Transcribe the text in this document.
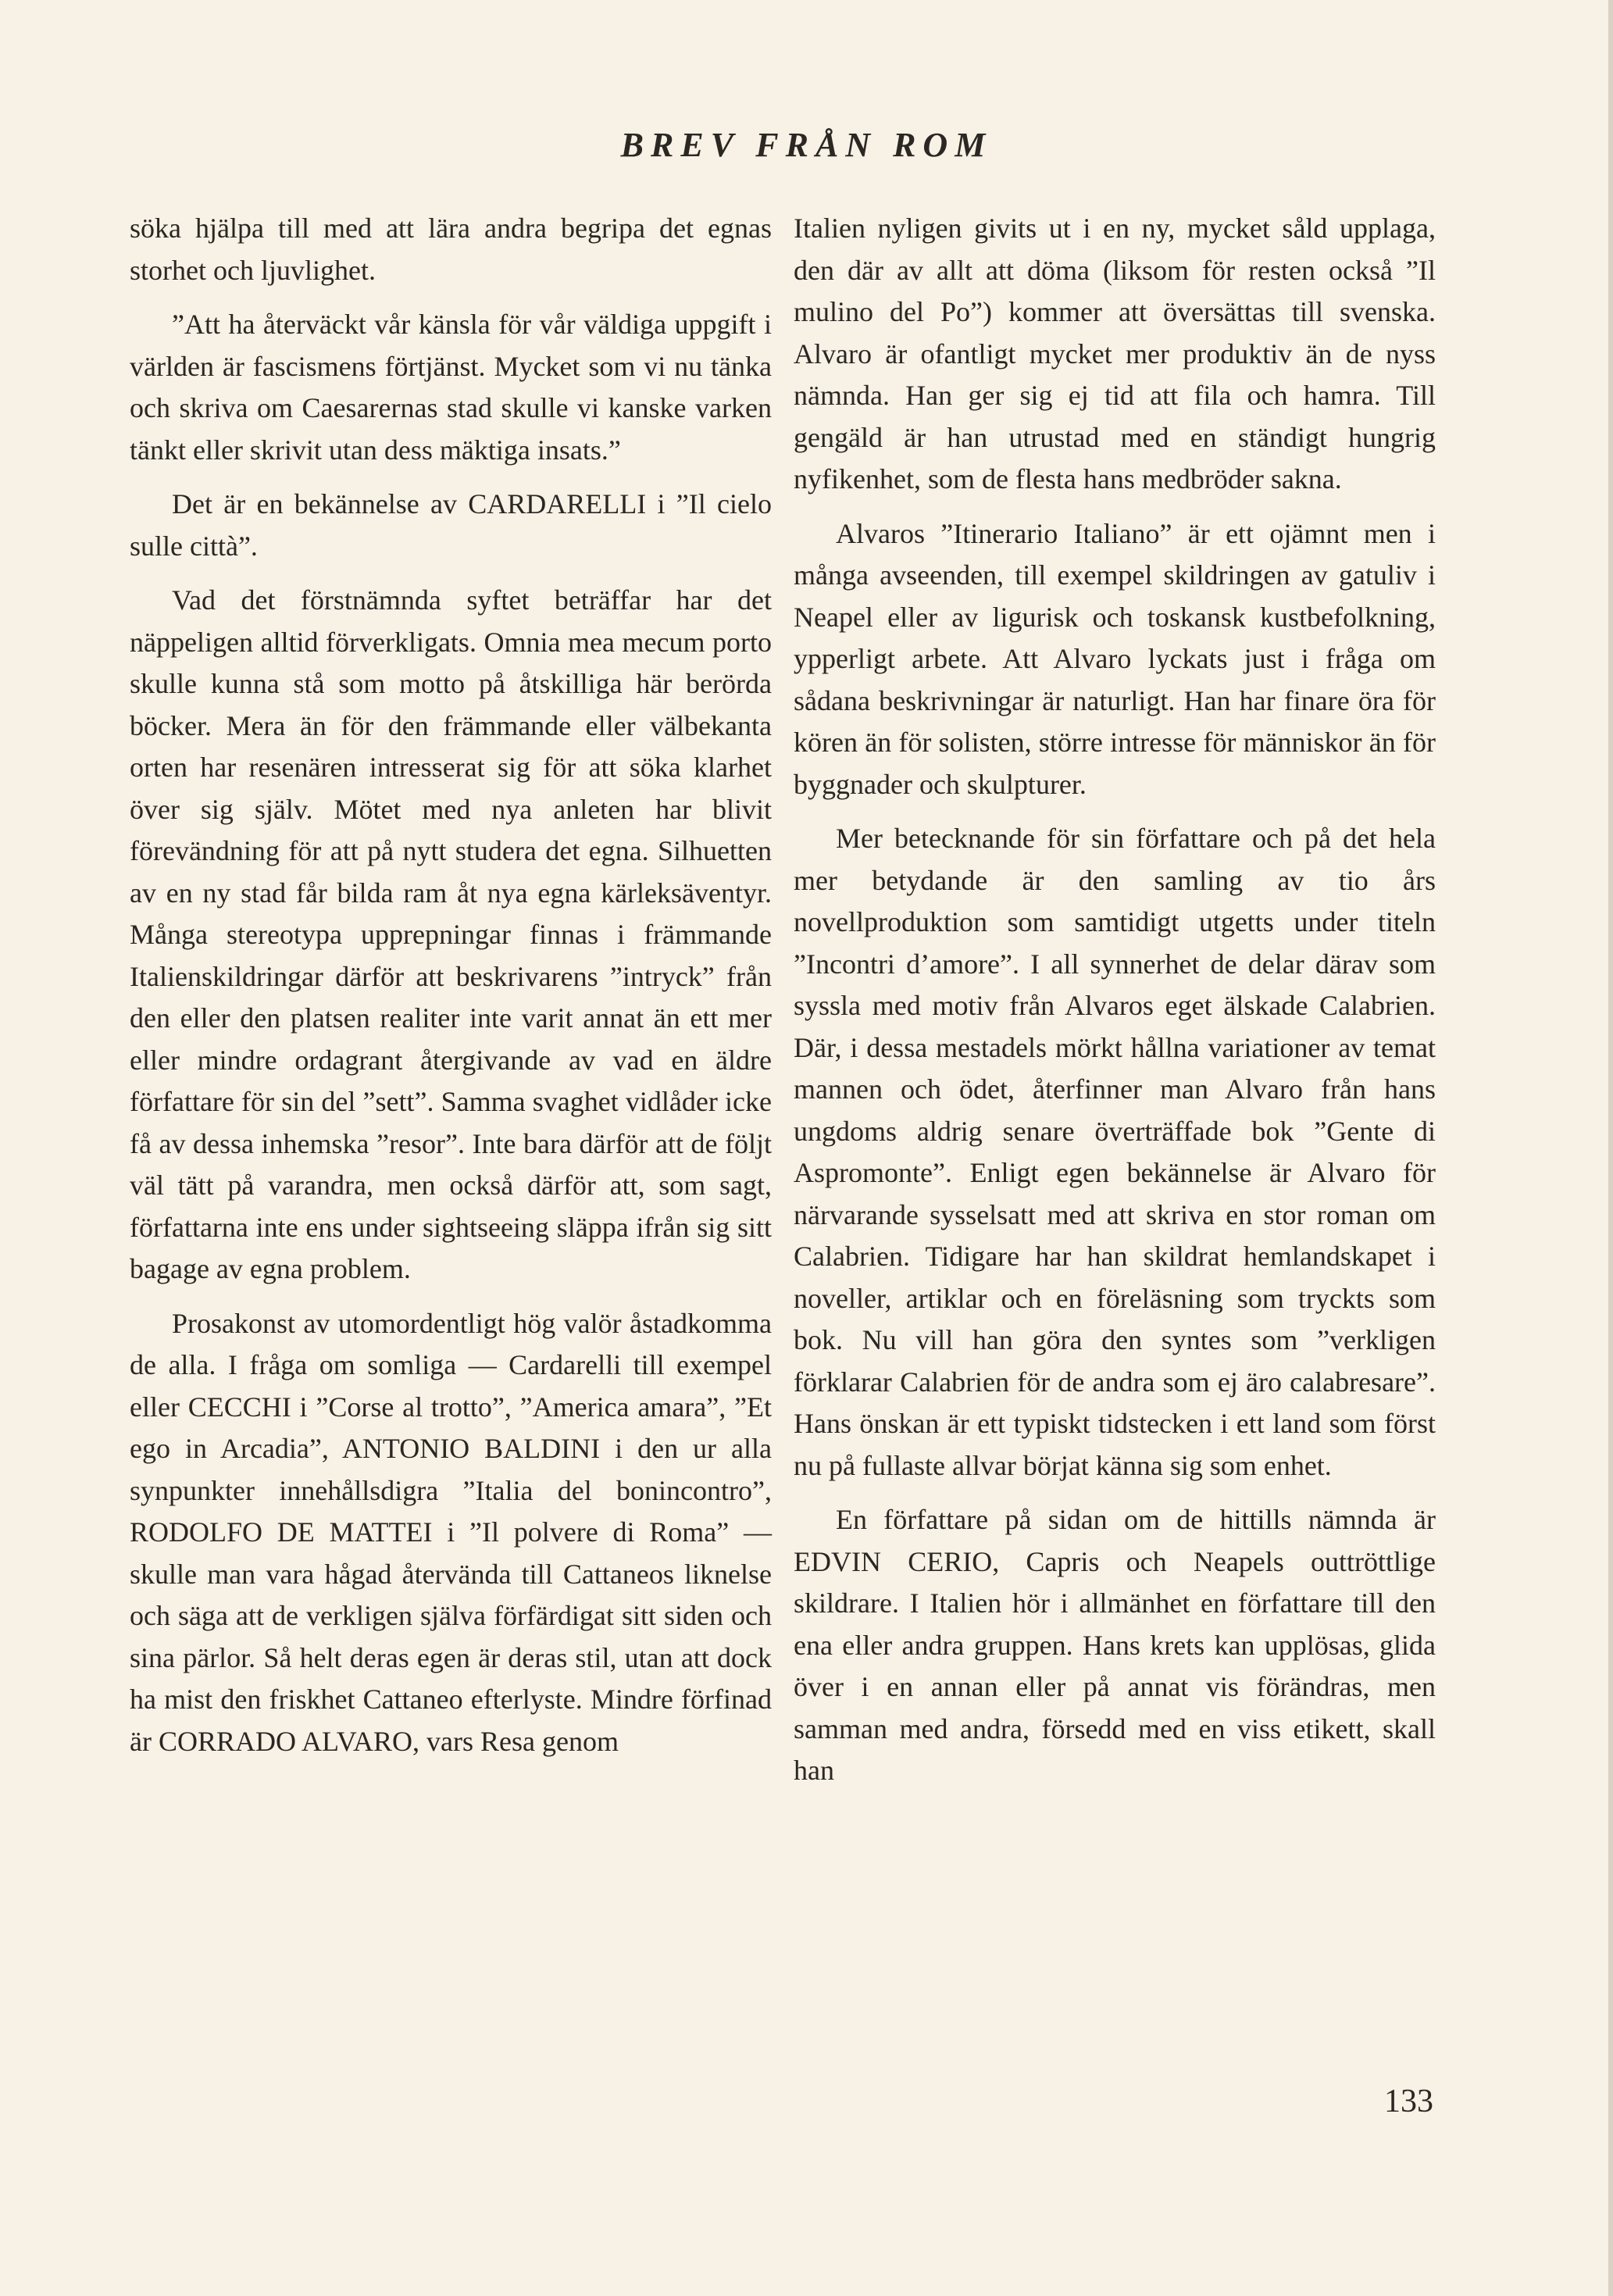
BREV FRÅN ROM

söka hjälpa till med att lära andra begripa det egnas storhet och ljuvlighet.

”Att ha återväckt vår känsla för vår väldiga uppgift i världen är fascismens förtjänst. Mycket som vi nu tänka och skriva om Caesarernas stad skulle vi kanske varken tänkt eller skrivit utan dess mäktiga insats.”

Det är en bekännelse av CARDARELLI i ”Il cielo sulle città”.

Vad det förstnämnda syftet beträffar har det näppeligen alltid förverkligats. Omnia mea mecum porto skulle kunna stå som motto på åtskilliga här berörda böcker. Mera än för den främmande eller välbekanta orten har resenären intresserat sig för att söka klarhet över sig själv. Mötet med nya anleten har blivit förevändning för att på nytt studera det egna. Silhuetten av en ny stad får bilda ram åt nya egna kärleksäventyr. Många stereotypa upprepningar finnas i främmande Italienskildringar därför att beskrivarens ”intryck” från den eller den platsen realiter inte varit annat än ett mer eller mindre ordagrant återgivande av vad en äldre författare för sin del ”sett”. Samma svaghet vidlåder icke få av dessa inhemska ”resor”. Inte bara därför att de följt väl tätt på varandra, men också därför att, som sagt, författarna inte ens under sightseeing släppa ifrån sig sitt bagage av egna problem.

Prosakonst av utomordentligt hög valör åstadkomma de alla. I fråga om somliga — Cardarelli till exempel eller CECCHI i ”Corse al trotto”, ”America amara”, ”Et ego in Arcadia”, ANTONIO BALDINI i den ur alla synpunkter innehållsdigra ”Italia del bonincontro”, RODOLFO DE MATTEI i ”Il polvere di Roma” — skulle man vara hågad återvända till Cattaneos liknelse och säga att de verkligen själva förfärdigat sitt siden och sina pärlor. Så helt deras egen är deras stil, utan att dock ha mist den friskhet Cattaneo efterlyste. Mindre förfinad är CORRADO ALVARO, vars Resa genom

Italien nyligen givits ut i en ny, mycket såld upplaga, den där av allt att döma (liksom för resten också ”Il mulino del Po”) kommer att översättas till svenska. Alvaro är ofantligt mycket mer produktiv än de nyss nämnda. Han ger sig ej tid att fila och hamra. Till gengäld är han utrustad med en ständigt hungrig nyfikenhet, som de flesta hans medbröder sakna.

Alvaros ”Itinerario Italiano” är ett ojämnt men i många avseenden, till exempel skildringen av gatuliv i Neapel eller av ligurisk och toskansk kustbefolkning, ypperligt arbete. Att Alvaro lyckats just i fråga om sådana beskrivningar är naturligt. Han har finare öra för kören än för solisten, större intresse för människor än för byggnader och skulpturer.

Mer betecknande för sin författare och på det hela mer betydande är den samling av tio års novellproduktion som samtidigt utgetts under titeln ”Incontri d’amore”. I all synnerhet de delar därav som syssla med motiv från Alvaros eget älskade Calabrien. Där, i dessa mestadels mörkt hållna variationer av temat mannen och ödet, återfinner man Alvaro från hans ungdoms aldrig senare överträffade bok ”Gente di Aspromonte”. Enligt egen bekännelse är Alvaro för närvarande sysselsatt med att skriva en stor roman om Calabrien. Tidigare har han skildrat hemlandskapet i noveller, artiklar och en föreläsning som tryckts som bok. Nu vill han göra den syntes som ”verkligen förklarar Calabrien för de andra som ej äro calabresare”. Hans önskan är ett typiskt tidstecken i ett land som först nu på fullaste allvar börjat känna sig som enhet.

En författare på sidan om de hittills nämnda är EDVIN CERIO, Capris och Neapels outtröttlige skildrare. I Italien hör i allmänhet en författare till den ena eller andra gruppen. Hans krets kan upplösas, glida över i en annan eller på annat vis förändras, men samman med andra, försedd med en viss etikett, skall han

133
